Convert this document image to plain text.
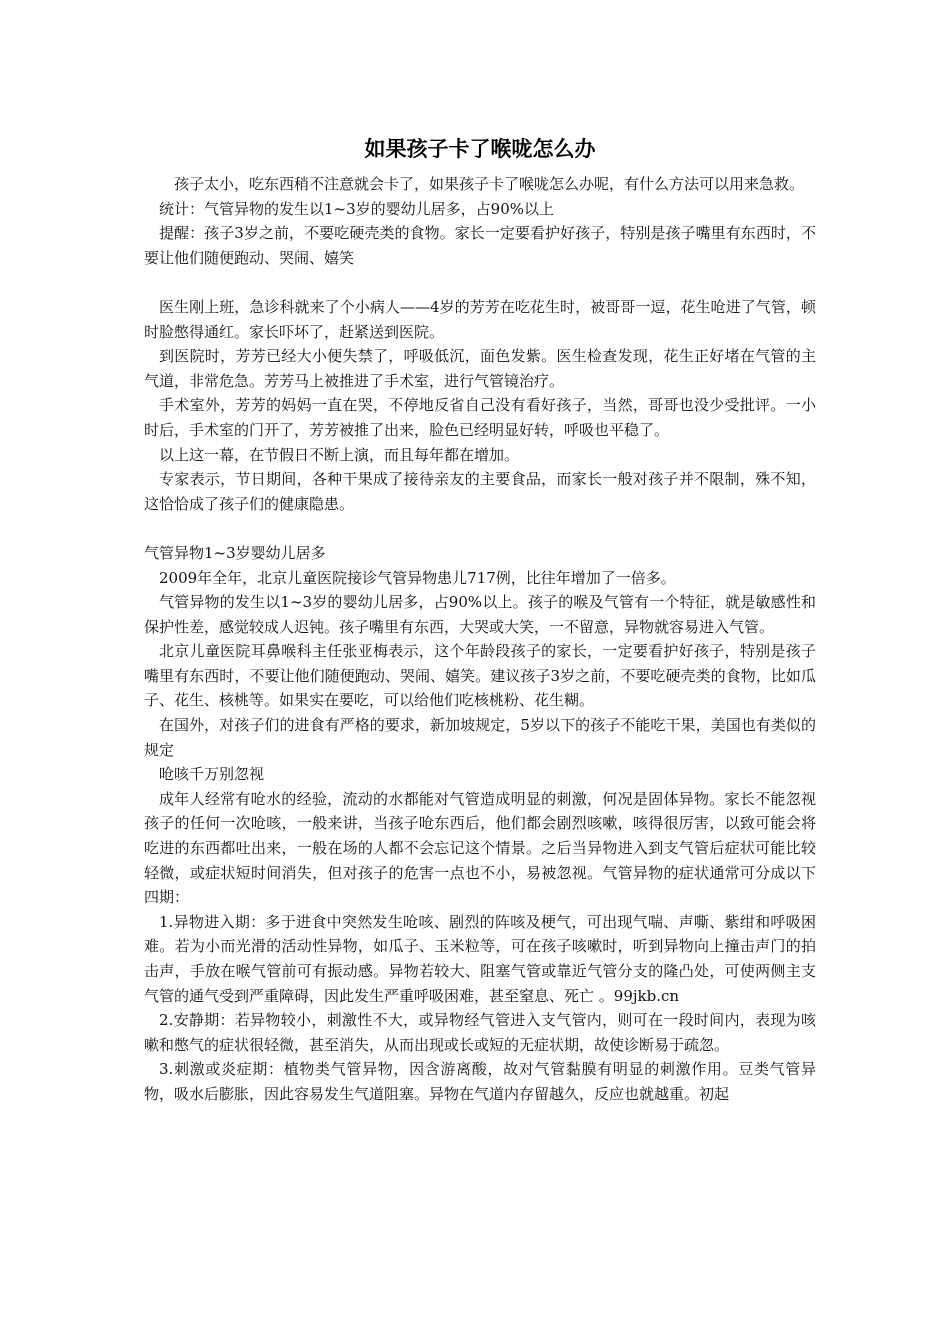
如果孩子卡了喉咙怎么办

孩子太小，吃东西稍不注意就会卡了，如果孩子卡了喉咙怎么办呢，有什么方法可以用来急救。

统计：气管异物的发生以1~3岁的婴幼儿居多，占90%以上

提醒：孩子3岁之前，不要吃硬壳类的食物。家长一定要看护好孩子，特别是孩子嘴里有东西时，不要让他们随便跑动、哭闹、嬉笑

医生刚上班，急诊科就来了个小病人——4岁的芳芳在吃花生时，被哥哥一逗，花生呛进了气管，顿时脸憋得通红。家长吓坏了，赶紧送到医院。

到医院时，芳芳已经大小便失禁了，呼吸低沉，面色发紫。医生检查发现，花生正好堵在气管的主气道，非常危急。芳芳马上被推进了手术室，进行气管镜治疗。

手术室外，芳芳的妈妈一直在哭，不停地反省自己没有看好孩子，当然，哥哥也没少受批评。一小时后，手术室的门开了，芳芳被推了出来，脸色已经明显好转，呼吸也平稳了。

以上这一幕，在节假日不断上演，而且每年都在增加。

专家表示，节日期间，各种干果成了接待亲友的主要食品，而家长一般对孩子并不限制，殊不知，这恰恰成了孩子们的健康隐患。

气管异物1~3岁婴幼儿居多

2009年全年，北京儿童医院接诊气管异物患儿717例，比往年增加了一倍多。

气管异物的发生以1~3岁的婴幼儿居多，占90%以上。孩子的喉及气管有一个特征，就是敏感性和保护性差，感觉较成人迟钝。孩子嘴里有东西，大哭或大笑，一不留意，异物就容易进入气管。

北京儿童医院耳鼻喉科主任张亚梅表示，这个年龄段孩子的家长，一定要看护好孩子，特别是孩子嘴里有东西时，不要让他们随便跑动、哭闹、嬉笑。建议孩子3岁之前，不要吃硬壳类的食物，比如瓜子、花生、核桃等。如果实在要吃，可以给他们吃核桃粉、花生糊。

在国外，对孩子们的进食有严格的要求，新加坡规定，5岁以下的孩子不能吃干果，美国也有类似的规定

呛咳千万别忽视

成年人经常有呛水的经验，流动的水都能对气管造成明显的刺激，何况是固体异物。家长不能忽视孩子的任何一次呛咳，一般来讲，当孩子呛东西后，他们都会剧烈咳嗽，咳得很厉害，以致可能会将吃进的东西都吐出来，一般在场的人都不会忘记这个情景。之后当异物进入到支气管后症状可能比较轻微，或症状短时间消失，但对孩子的危害一点也不小，易被忽视。气管异物的症状通常可分成以下四期：

1.异物进入期：多于进食中突然发生呛咳、剧烈的阵咳及梗气，可出现气喘、声嘶、紫绀和呼吸困难。若为小而光滑的活动性异物，如瓜子、玉米粒等，可在孩子咳嗽时，听到异物向上撞击声门的拍击声，手放在喉气管前可有振动感。异物若较大、阻塞气管或靠近气管分支的隆凸处，可使两侧主支气管的通气受到严重障碍，因此发生严重呼吸困难，甚至窒息、死亡 。99jkb.cn

2.安静期：若异物较小，刺激性不大，或异物经气管进入支气管内，则可在一段时间内，表现为咳嗽和憋气的症状很轻微，甚至消失，从而出现或长或短的无症状期，故使诊断易于疏忽。

3.刺激或炎症期：植物类气管异物，因含游离酸，故对气管黏膜有明显的刺激作用。豆类气管异物，吸水后膨胀，因此容易发生气道阻塞。异物在气道内存留越久，反应也就越重。初起
